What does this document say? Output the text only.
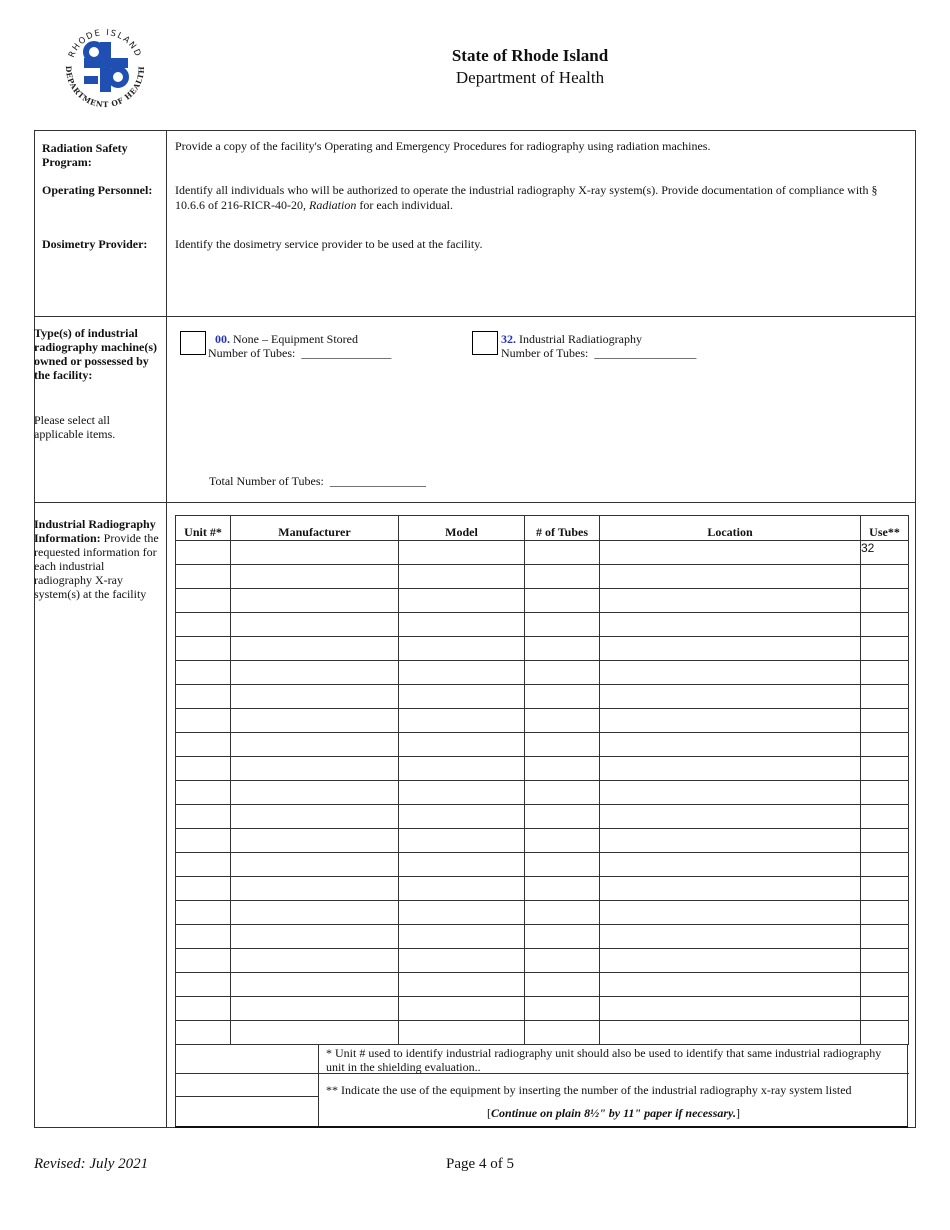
RHODE ISLAND
DEPARTMENT OF HEALTH
State of Rhode Island
Department of Health
Radiation Safety Program:
Provide a copy of the facility's Operating and Emergency Procedures for radiography using radiation machines.
Operating Personnel:	Identify all individuals who will be authorized to operate the industrial radiography X-ray system(s). Provide documentation of compliance with § 10.6.6 of 216-RICR-40-20, Radiation for each individual.
Dosimetry Provider:	Identify the dosimetry service provider to be used at the facility.
Type(s) of industrial radiography machine(s) owned or possessed by the facility:
Please select all applicable items.
00. None – Equipment Stored
Number of Tubes: _______________
32. Industrial Radiatiography
Number of Tubes: _________________
Total Number of Tubes: ________________
Industrial Radiography Information: Provide the requested information for each industrial radiography X-ray system(s) at the facility
Unit #*	Manufacturer	Model	# of Tubes	Location	Use**
					32

* Unit # used to identify industrial radiography unit should also be used to identify that same industrial radiography unit in the shielding evaluation..
** Indicate the use of the equipment by inserting the number of the industrial radiography x-ray system listed
[Continue on plain 8½" by 11" paper if necessary.]
Revised: July 2021	Page 4 of 5
